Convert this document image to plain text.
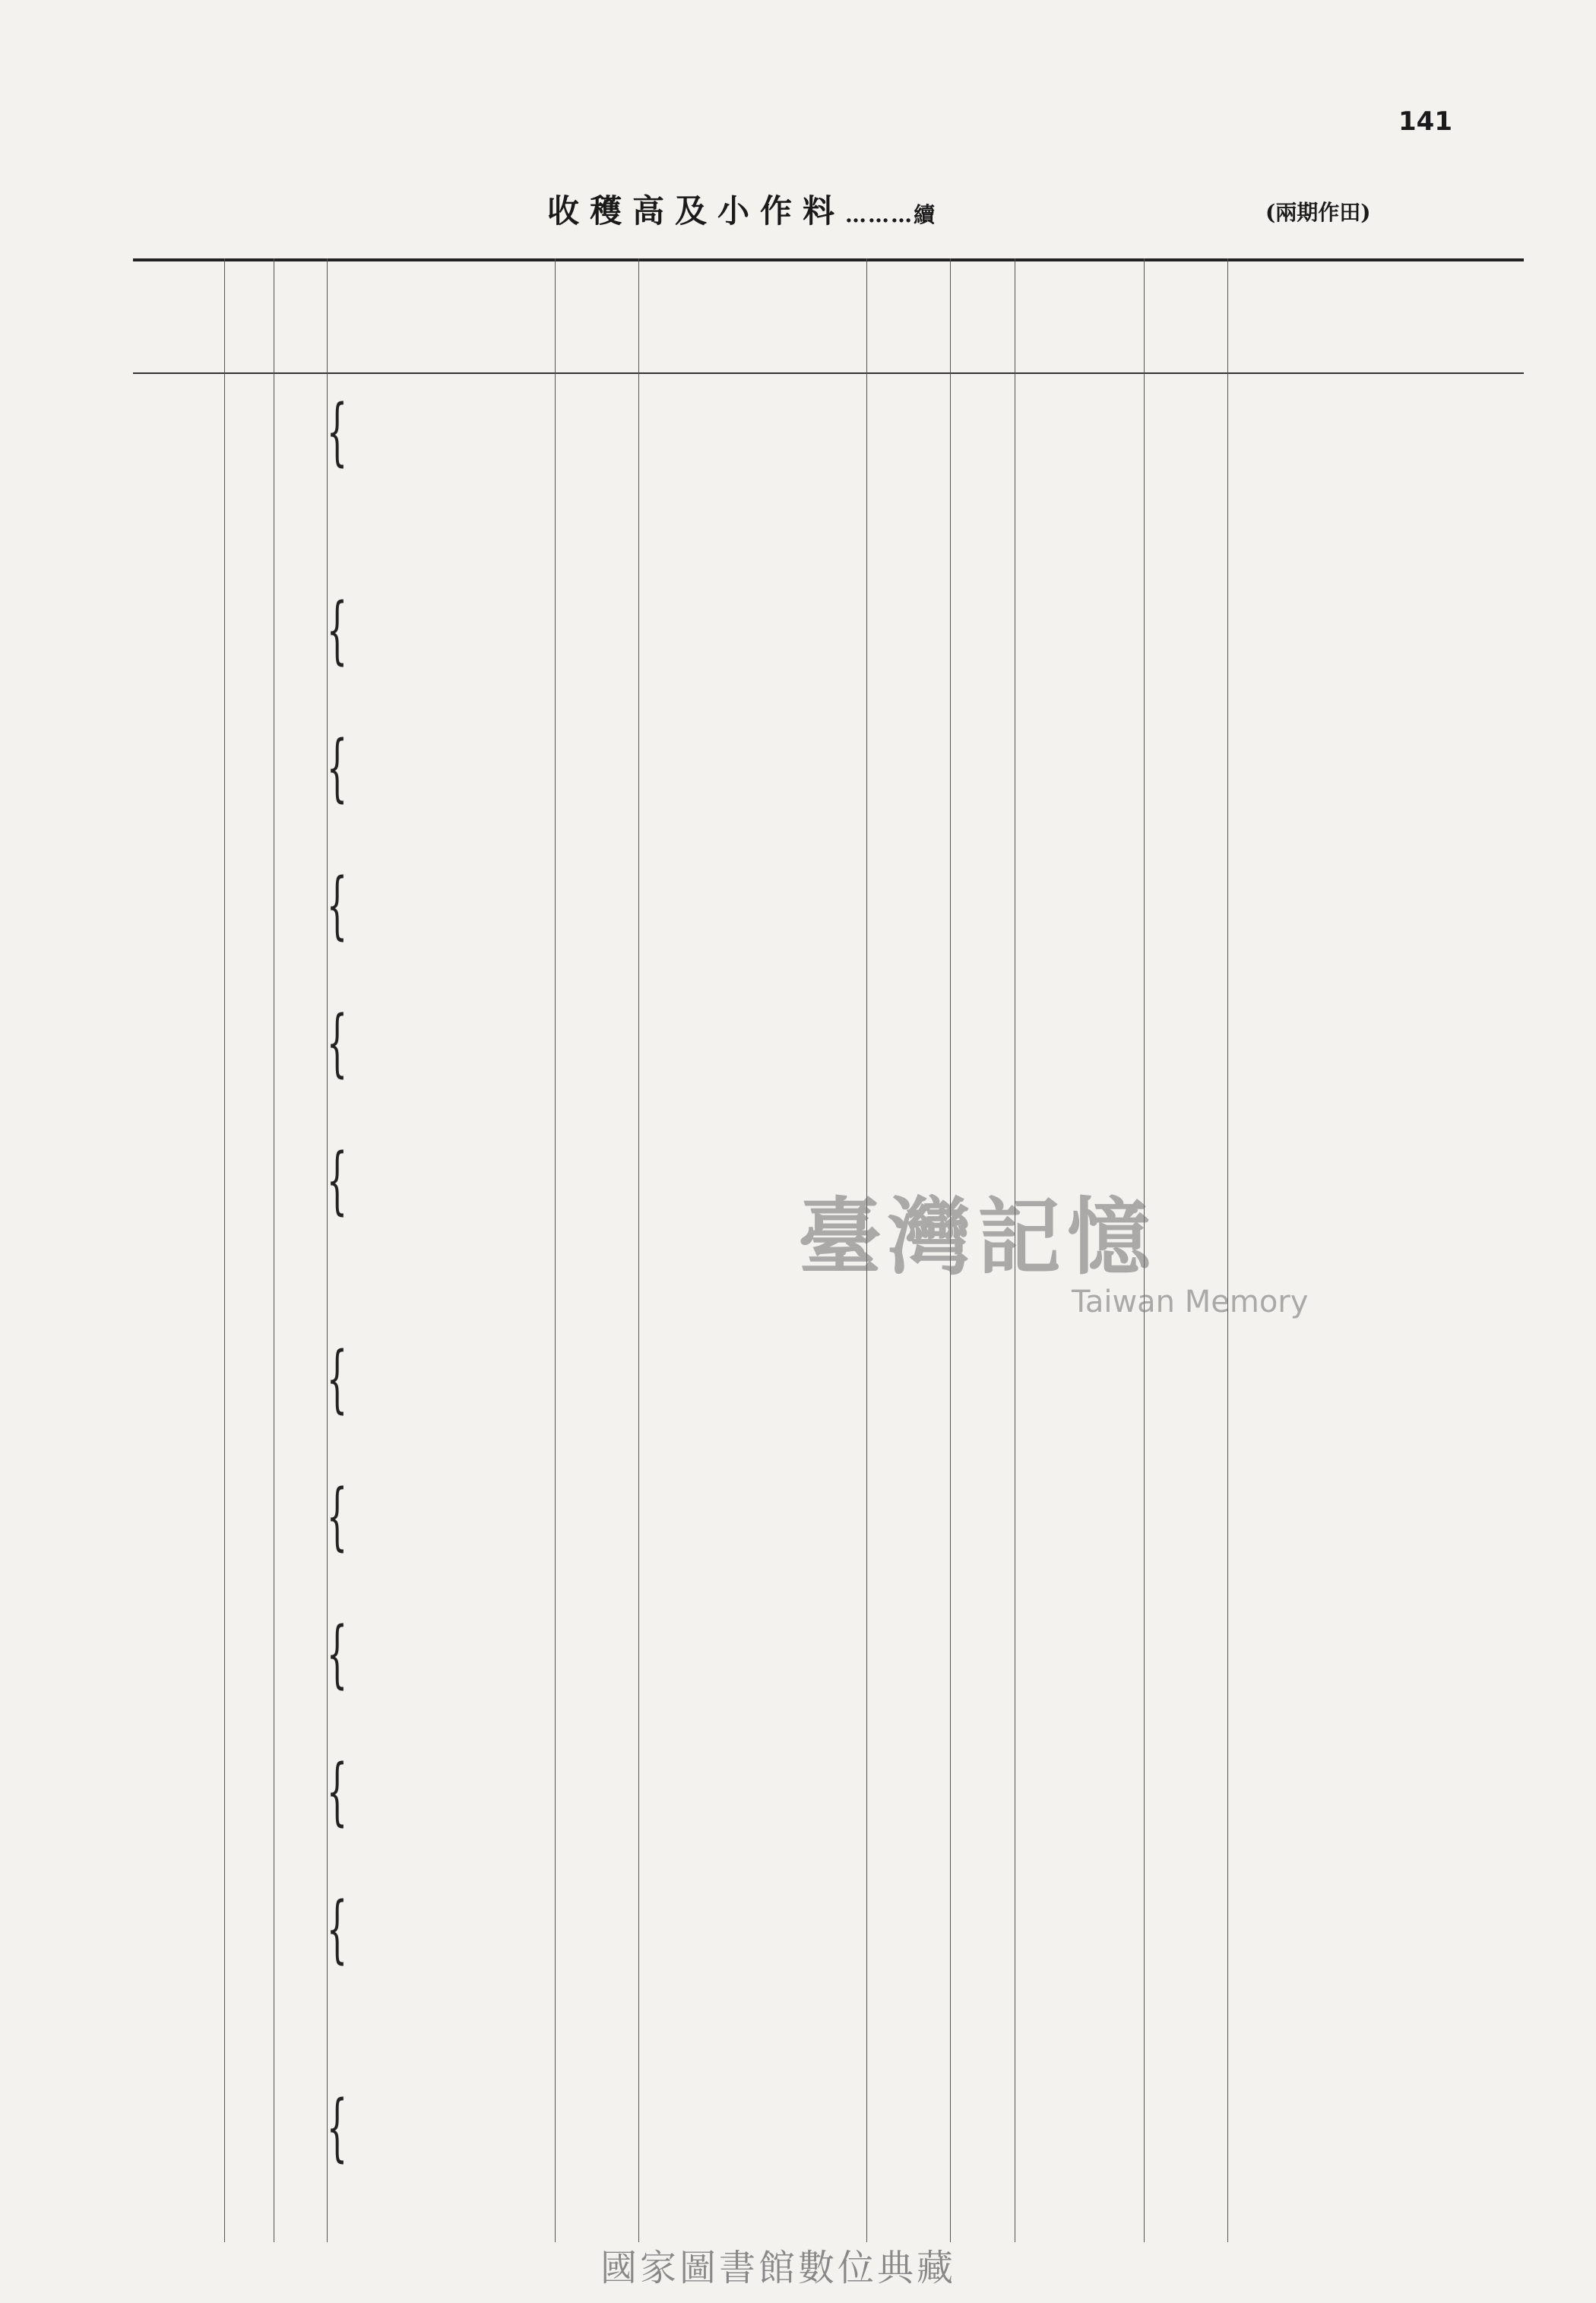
141
收穫高及小作料………續	(兩期作田)
{
{
{
{
{
{
{
{
{
{
{
{
臺灣記憶
Taiwan Memory
國家圖書館數位典藏
